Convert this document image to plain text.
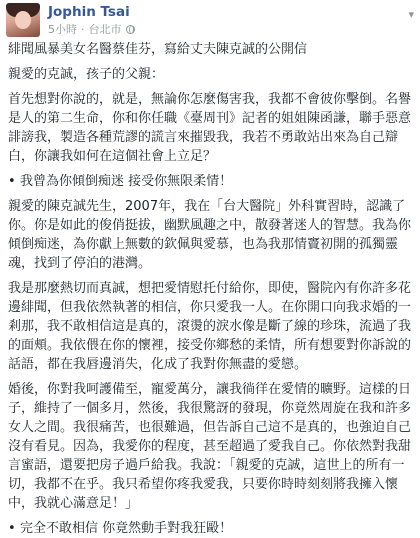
Jophin Tsai
5小時 · 台北市
▾

緋聞風暴美女名醫蔡佳芬，寫給丈夫陳克誠的公開信

親愛的克誠，孩子的父親：

首先想對你說的，就是，無論你怎麼傷害我，我都不會彼你擊倒。名譽是人的第二生命，你和你任職《臺周刊》記者的姐姐陳函謙，聯手惡意誹謗我，製造各種荒謬的謊言來摧毀我，我若不勇敢站出來為自己辯白，你讓我如何在這個社會上立足？

• 我曾為你傾倒痴迷 接受你無限柔情！

親愛的陳克誠先生，2007年，我在「台大醫院」外科實習時，認識了你。你是如此的俊俏挺拔，幽默風趣之中，散發著迷人的智慧。我為你傾倒痴迷，為你獻上無數的欽佩與愛慕，也為我那情竇初開的孤獨靈魂，找到了停泊的港灣。

我是那麼熱切而真誠，想把愛情慰托付給你，即使，醫院內有你許多花邊緋聞，但我依然執著的相信，你只愛我一人。在你開口向我求婚的一剎那，我不敢相信這是真的，滾燙的淚水像是斷了線的珍珠，流過了我的面頰。我依偎在你的懷裡，接受你鄉愁的柔情，所有想要對你訴說的話語，都在我唇邊消失，化成了我對你無盡的愛戀。

婚後，你對我呵護備至，寵愛萬分，讓我徜徉在愛情的曠野。這樣的日子，維持了一個多月，然後，我很驚訝的發現，你竟然周旋在我和許多女人之間。我很痛苦，也很難過，但告訴自己這不是真的，也強迫自己沒有看見。因為，我愛你的程度，甚至超過了愛我自己。你依然對我甜言蜜語，還要把房子過戶給我。我說：「親愛的克誠，這世上的所有一切，我都不在乎。我只希望你疼我愛我，只要你時時刻刻將我擁入懷中，我就心滿意足！」

• 完全不敢相信 你竟然動手對我狂毆！
